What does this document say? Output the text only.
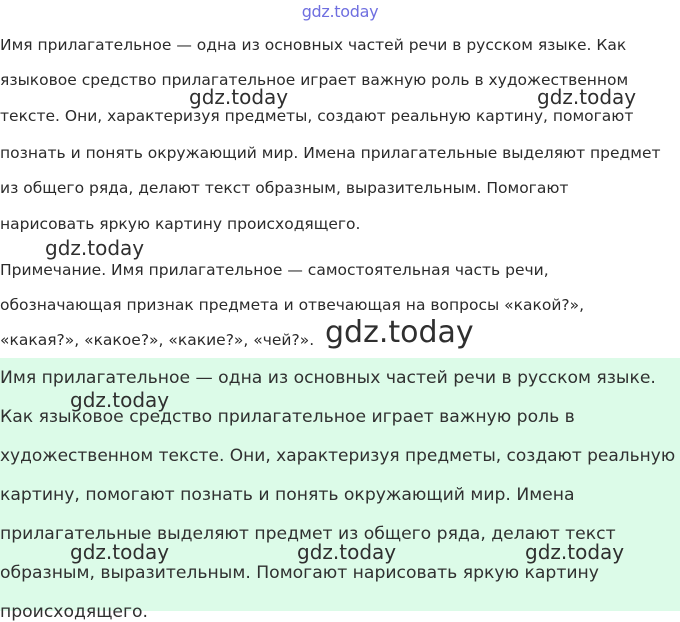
gdz.today
Имя прилагательное — одна из основных частей речи в русском языке. Как
языковое средство прилагательное играет важную роль в художественном
тексте. Они, характеризуя предметы, создают реальную картину, помогают
познать и понять окружающий мир. Имена прилагательные выделяют предмет
из общего ряда, делают текст образным, выразительным. Помогают
нарисовать яркую картину происходящего.
Примечание. Имя прилагательное — самостоятельная часть речи,
обозначающая признак предмета и отвечающая на вопросы «какой?»,
«какая?», «какое?», «какие?», «чей?».
Имя прилагательное — одна из основных частей речи в русском языке.
Как языковое средство прилагательное играет важную роль в
художественном тексте. Они, характеризуя предметы, создают реальную
картину, помогают познать и понять окружающий мир. Имена
прилагательные выделяют предмет из общего ряда, делают текст
образным, выразительным. Помогают нарисовать яркую картину
происходящего.
gdz.today	gdz.today
gdz.today
gdz.today
gdz.today
gdz.today	gdz.today	gdz.today
